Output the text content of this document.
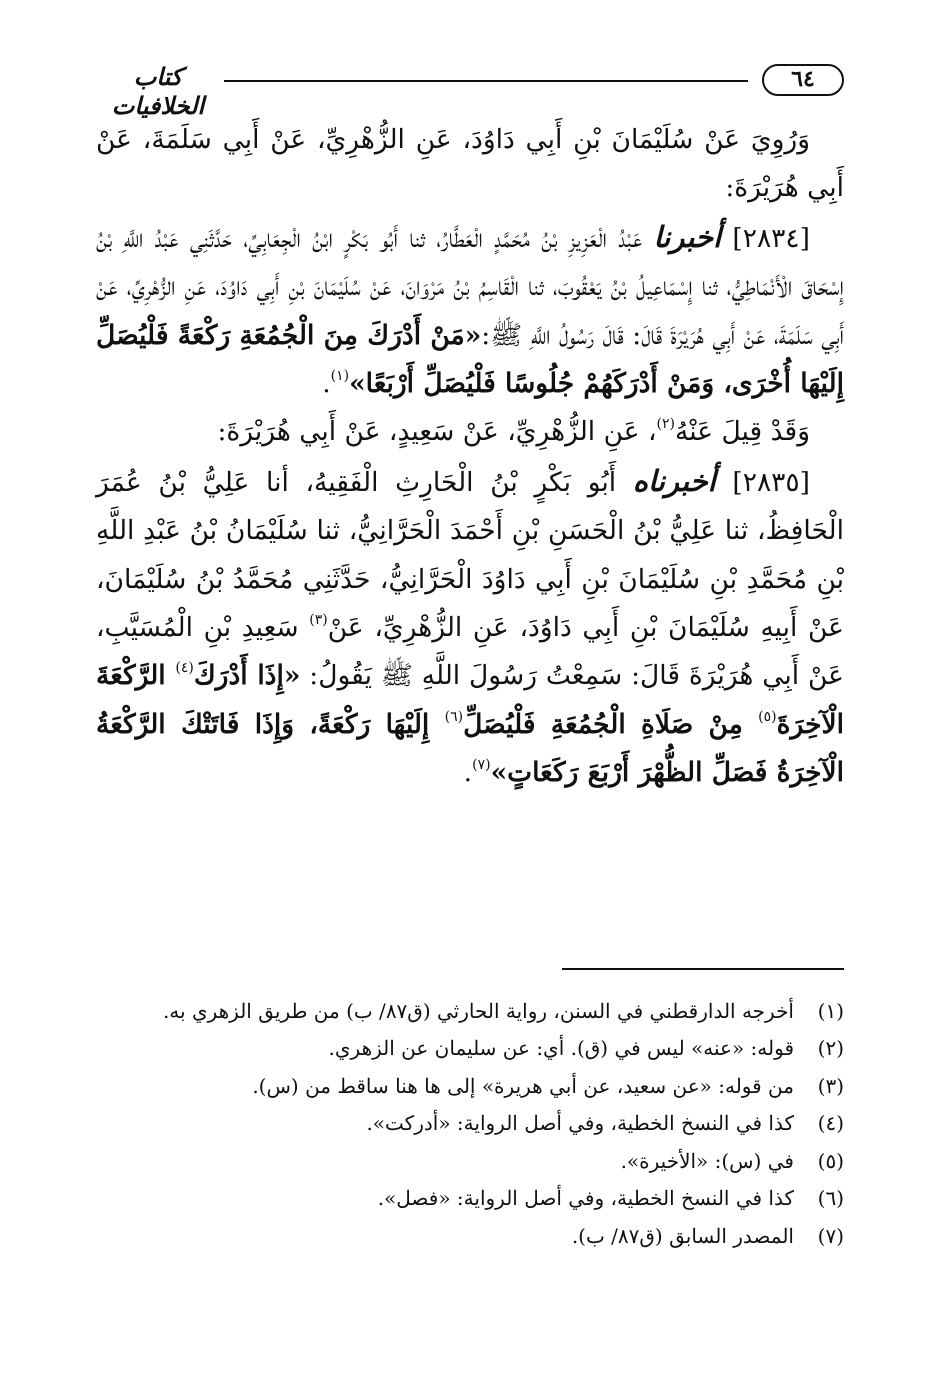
٦٤
كتاب الخلافيات

وَرُوِيَ عَنْ سُلَيْمَانَ بْنِ أَبِي دَاوُدَ، عَنِ الزُّهْرِيِّ، عَنْ أَبِي سَلَمَةَ، عَنْ أَبِي هُرَيْرَةَ:

[٢٨٣٤] أخبرنا عَبْدُ الْعَزِيزِ بْنُ مُحَمَّدٍ الْعَطَّارُ، ثنا أَبُو بَكْرٍ ابْنُ الْجِعَابِيِّ، حَدَّثَنِي عَبْدُ اللَّهِ بْنُ إِسْحَاقَ الْأَنْمَاطِيُّ، ثنا إِسْمَاعِيلُ بْنُ يَعْقُوبَ، ثنا الْقَاسِمُ بْنُ مَرْوَانَ، عَنْ سُلَيْمَانَ بْنِ أَبِي دَاوُدَ، عَنِ الزُّهْرِيِّ، عَنْ أَبِي سَلَمَةَ، عَنْ أَبِي هُرَيْرَةَ قَالَ: قَالَ رَسُولُ اللَّهِ ﷺ:«مَنْ أَدْرَكَ مِنَ الْجُمُعَةِ رَكْعَةً فَلْيُصَلِّ إِلَيْهَا أُخْرَى، وَمَنْ أَدْرَكَهُمْ جُلُوسًا فَلْيُصَلِّ أَرْبَعًا»$^{(١)}$.

وَقَدْ قِيلَ عَنْهُ$^{(٢)}$، عَنِ الزُّهْرِيِّ، عَنْ سَعِيدٍ، عَنْ أَبِي هُرَيْرَةَ:

[٢٨٣٥] أخبرناه أَبُو بَكْرٍ بْنُ الْحَارِثِ الْفَقِيهُ، أنا عَلِيُّ بْنُ عُمَرَ الْحَافِظُ، ثنا عَلِيُّ بْنُ الْحَسَنِ بْنِ أَحْمَدَ الْحَرَّانِيُّ، ثنا سُلَيْمَانُ بْنُ عَبْدِ اللَّهِ بْنِ مُحَمَّدِ بْنِ سُلَيْمَانَ بْنِ أَبِي دَاوُدَ الْحَرَّانِيُّ، حَدَّثَنِي مُحَمَّدُ بْنُ سُلَيْمَانَ، عَنْ أَبِيهِ سُلَيْمَانَ بْنِ أَبِي دَاوُدَ، عَنِ الزُّهْرِيِّ، عَنْ$^{(٣)}$ سَعِيدِ بْنِ الْمُسَيَّبِ، عَنْ أَبِي هُرَيْرَةَ قَالَ: سَمِعْتُ رَسُولَ اللَّهِ ﷺ يَقُولُ: «إِذَا أَدْرَكَ$^{(٤)}$ الرَّكْعَةَ الْآخِرَةَ$^{(٥)}$ مِنْ صَلَاةِ الْجُمُعَةِ فَلْيُصَلِّ$^{(٦)}$ إِلَيْهَا رَكْعَةً، وَإِذَا فَاتَتْكَ الرَّكْعَةُ الْآخِرَةُ فَصَلِّ الظُّهْرَ أَرْبَعَ رَكَعَاتٍ»$^{(٧)}$.

(١)
أخرجه الدارقطني في السنن، رواية الحارثي (ق٨٧/ ب) من طريق الزهري به.
(٢)
قوله: «عنه» ليس في (ق). أي: عن سليمان عن الزهري.
(٣)
من قوله: «عن سعيد، عن أبي هريرة» إلى ها هنا ساقط من (س).
(٤)
كذا في النسخ الخطية، وفي أصل الرواية: «أدركت».
(٥)
في (س): «الأخيرة».
(٦)
كذا في النسخ الخطية، وفي أصل الرواية: «فصل».
(٧)
المصدر السابق (ق٨٧/ ب).
